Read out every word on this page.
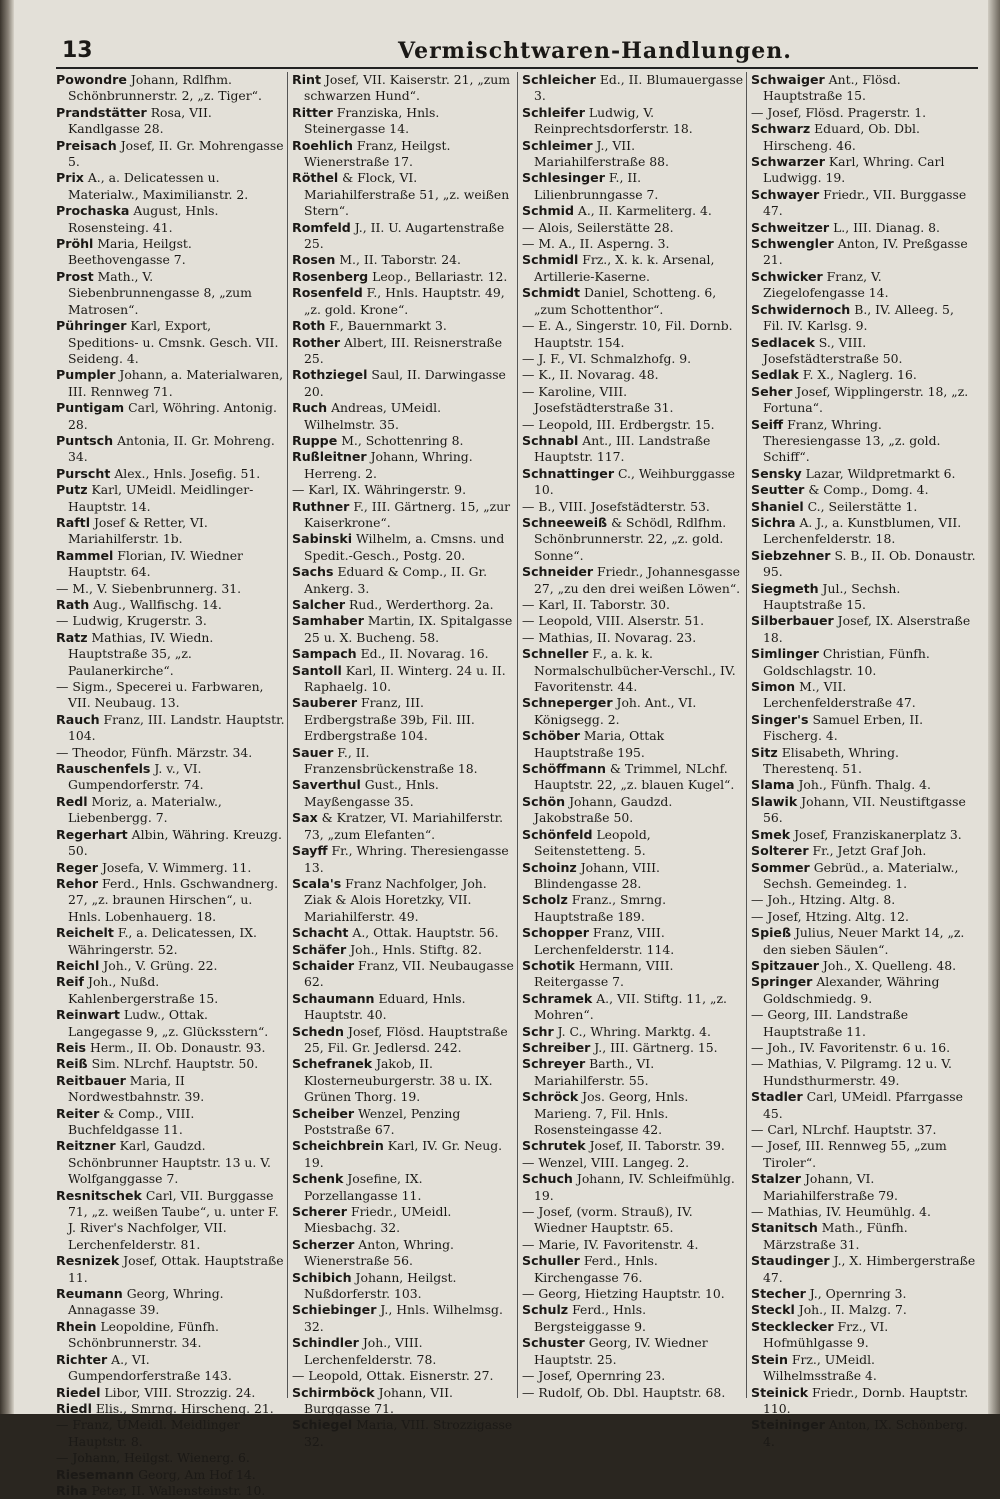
13	Vermischtwaren-Handlungen.

Powondre Johann, Rdlfhm. Schönbrunnerstr. 2, „z. Tiger“.

Prandstätter Rosa, VII. Kandlgasse 28.

Preisach Josef, II. Gr. Mohrengasse 5.

Prix A., a. Delicatessen u. Materialw., Maximilianstr. 2.

Prochaska August, Hnls. Rosensteing. 41.

Pröhl Maria, Heilgst. Beethovengasse 7.

Prost Math., V. Siebenbrunnengasse 8, „zum Matrosen“.

Pühringer Karl, Export, Speditions- u. Cmsnk. Gesch. VII. Seideng. 4.

Pumpler Johann, a. Materialwaren, III. Rennweg 71.

Puntigam Carl, Wöhring. Antonig. 28.

Puntsch Antonia, II. Gr. Mohreng. 34.

Purscht Alex., Hnls. Josefig. 51.

Putz Karl, UMeidl. Meidlinger-Hauptstr. 14.

Raftl Josef & Retter, VI. Mariahilferstr. 1b.

Rammel Florian, IV. Wiedner Hauptstr. 64.

— M., V. Siebenbrunnerg. 31.

Rath Aug., Wallfischg. 14.

— Ludwig, Krugerstr. 3.

Ratz Mathias, IV. Wiedn. Hauptstraße 35, „z. Paulanerkirche“.

— Sigm., Specerei u. Farbwaren, VII. Neubaug. 13.

Rauch Franz, III. Landstr. Hauptstr. 104.

— Theodor, Fünfh. Märzstr. 34.

Rauschenfels J. v., VI. Gumpendorferstr. 74.

Redl Moriz, a. Materialw., Liebenbergg. 7.

Regerhart Albin, Währing. Kreuzg. 50.

Reger Josefa, V. Wimmerg. 11.

Rehor Ferd., Hnls. Gschwandnerg. 27, „z. braunen Hirschen“, u. Hnls. Lobenhauerg. 18.

Reichelt F., a. Delicatessen, IX. Währingerstr. 52.

Reichl Joh., V. Grüng. 22.

Reif Joh., Nußd. Kahlenbergerstraße 15.

Reinwart Ludw., Ottak. Langegasse 9, „z. Glücksstern“.

Reis Herm., II. Ob. Donaustr. 93.

Reiß Sim. NLrchf. Hauptstr. 50.

Reitbauer Maria, II Nordwestbahnstr. 39.

Reiter & Comp., VIII. Buchfeldgasse 11.

Reitzner Karl, Gaudzd. Schönbrunner Hauptstr. 13 u. V. Wolfganggasse 7.

Resnitschek Carl, VII. Burggasse 71, „z. weißen Taube“, u. unter F. J. River's Nachfolger, VII. Lerchenfelderstr. 81.

Resnizek Josef, Ottak. Hauptstraße 11.

Reumann Georg, Whring. Annagasse 39.

Rhein Leopoldine, Fünfh. Schönbrunnerstr. 34.

Richter A., VI. Gumpendorferstraße 143.

Riedel Libor, VIII. Strozzig. 24.

Riedl Elis., Smrng. Hirschenq. 21.

— Franz, UMeidl. Meidlinger Hauptstr. 8.

— Johann, Heilgst. Wienerg. 6.

Riesemann Georg, Am Hof 14.

Riha Peter, II. Wallensteinstr. 10.

Rint Josef, VII. Kaiserstr. 21, „zum schwarzen Hund“.

Ritter Franziska, Hnls. Steinergasse 14.

Roehlich Franz, Heilgst. Wienerstraße 17.

Röthel & Flock, VI. Mariahilferstraße 51, „z. weißen Stern“.

Romfeld J., II. U. Augartenstraße 25.

Rosen M., II. Taborstr. 24.

Rosenberg Leop., Bellariastr. 12.

Rosenfeld F., Hnls. Hauptstr. 49, „z. gold. Krone“.

Roth F., Bauernmarkt 3.

Rother Albert, III. Reisnerstraße 25.

Rothziegel Saul, II. Darwingasse 20.

Ruch Andreas, UMeidl. Wilhelmstr. 35.

Ruppe M., Schottenring 8.

Rußleitner Johann, Whring. Herreng. 2.

— Karl, IX. Währingerstr. 9.

Ruthner F., III. Gärtnerg. 15, „zur Kaiserkrone“.

Sabinski Wilhelm, a. Cmsns. und Spedit.-Gesch., Postg. 20.

Sachs Eduard & Comp., II. Gr. Ankerg. 3.

Salcher Rud., Werderthorg. 2a.

Samhaber Martin, IX. Spitalgasse 25 u. X. Bucheng. 58.

Sampach Ed., II. Novarag. 16.

Santoll Karl, II. Winterg. 24 u. II. Raphaelg. 10.

Sauberer Franz, III. Erdbergstraße 39b, Fil. III. Erdbergstraße 104.

Sauer F., II. Franzensbrückenstraße 18.

Saverthul Gust., Hnls. Mayßengasse 35.

Sax & Kratzer, VI. Mariahilferstr. 73, „zum Elefanten“.

Sayff Fr., Whring. Theresiengasse 13.

Scala's Franz Nachfolger, Joh. Ziak & Alois Horetzky, VII. Mariahilferstr. 49.

Schacht A., Ottak. Hauptstr. 56.

Schäfer Joh., Hnls. Stiftg. 82.

Schaider Franz, VII. Neubaugasse 62.

Schaumann Eduard, Hnls. Hauptstr. 40.

Schedn Josef, Flösd. Hauptstraße 25, Fil. Gr. Jedlersd. 242.

Schefranek Jakob, II. Klosterneuburgerstr. 38 u. IX. Grünen Thorg. 19.

Scheiber Wenzel, Penzing Poststraße 67.

Scheichbrein Karl, IV. Gr. Neug. 19.

Schenk Josefine, IX. Porzellangasse 11.

Scherer Friedr., UMeidl. Miesbachg. 32.

Scherzer Anton, Whring. Wienerstraße 56.

Schibich Johann, Heilgst. Nußdorferstr. 103.

Schiebinger J., Hnls. Wilhelmsg. 32.

Schindler Joh., VIII. Lerchenfelderstr. 78.

— Leopold, Ottak. Eisnerstr. 27.

Schirmböck Johann, VII. Burggasse 71.

Schiegel Maria, VIII. Strozzigasse 32.

Schleicher Ed., II. Blumauergasse 3.

Schleifer Ludwig, V. Reinprechtsdorferstr. 18.

Schleimer J., VII. Mariahilferstraße 88.

Schlesinger F., II. Lilienbrunngasse 7.

Schmid A., II. Karmeliterg. 4.

— Alois, Seilerstätte 28.

— M. A., II. Asperng. 3.

Schmidl Frz., X. k. k. Arsenal, Artillerie-Kaserne.

Schmidt Daniel, Schotteng. 6, „zum Schottenthor“.

— E. A., Singerstr. 10, Fil. Dornb. Hauptstr. 154.

— J. F., VI. Schmalzhofg. 9.

— K., II. Novarag. 48.

— Karoline, VIII. Josefstädterstraße 31.

— Leopold, III. Erdbergstr. 15.

Schnabl Ant., III. Landstraße Hauptstr. 117.

Schnattinger C., Weihburggasse 10.

— B., VIII. Josefstädterstr. 53.

Schneeweiß & Schödl, Rdlfhm. Schönbrunnerstr. 22, „z. gold. Sonne“.

Schneider Friedr., Johannesgasse 27, „zu den drei weißen Löwen“.

— Karl, II. Taborstr. 30.

— Leopold, VIII. Alserstr. 51.

— Mathias, II. Novarag. 23.

Schneller F., a. k. k. Normalschulbücher-Verschl., IV. Favoritenstr. 44.

Schneperger Joh. Ant., VI. Königsegg. 2.

Schöber Maria, Ottak Hauptstraße 195.

Schöffmann & Trimmel, NLchf. Hauptstr. 22, „z. blauen Kugel“.

Schön Johann, Gaudzd. Jakobstraße 50.

Schönfeld Leopold, Seitenstetteng. 5.

Schoinz Johann, VIII. Blindengasse 28.

Scholz Franz., Smrng. Hauptstraße 189.

Schopper Franz, VIII. Lerchenfelderstr. 114.

Schotik Hermann, VIII. Reitergasse 7.

Schramek A., VII. Stiftg. 11, „z. Mohren“.

Schr J. C., Whring. Marktg. 4.

Schreiber J., III. Gärtnerg. 15.

Schreyer Barth., VI. Mariahilferstr. 55.

Schröck Jos. Georg, Hnls. Marieng. 7, Fil. Hnls. Rosensteingasse 42.

Schrutek Josef, II. Taborstr. 39.

— Wenzel, VIII. Langeg. 2.

Schuch Johann, IV. Schleifmühlg. 19.

— Josef, (vorm. Strauß), IV. Wiedner Hauptstr. 65.

— Marie, IV. Favoritenstr. 4.

Schuller Ferd., Hnls. Kirchengasse 76.

— Georg, Hietzing Hauptstr. 10.

Schulz Ferd., Hnls. Bergsteiggasse 9.

Schuster Georg, IV. Wiedner Hauptstr. 25.

— Josef, Opernring 23.

— Rudolf, Ob. Dbl. Hauptstr. 68.

Schwaiger Ant., Flösd. Hauptstraße 15.

— Josef, Flösd. Pragerstr. 1.

Schwarz Eduard, Ob. Dbl. Hirscheng. 46.

Schwarzer Karl, Whring. Carl Ludwigg. 19.

Schwayer Friedr., VII. Burggasse 47.

Schweitzer L., III. Dianag. 8.

Schwengler Anton, IV. Preßgasse 21.

Schwicker Franz, V. Ziegelofengasse 14.

Schwidernoch B., IV. Alleeg. 5, Fil. IV. Karlsg. 9.

Sedlacek S., VIII. Josefstädterstraße 50.

Sedlak F. X., Naglerg. 16.

Seher Josef, Wipplingerstr. 18, „z. Fortuna“.

Seiff Franz, Whring. Theresiengasse 13, „z. gold. Schiff“.

Sensky Lazar, Wildpretmarkt 6.

Seutter & Comp., Domg. 4.

Shaniel C., Seilerstätte 1.

Sichra A. J., a. Kunstblumen, VII. Lerchenfelderstr. 18.

Siebzehner S. B., II. Ob. Donaustr. 95.

Siegmeth Jul., Sechsh. Hauptstraße 15.

Silberbauer Josef, IX. Alserstraße 18.

Simlinger Christian, Fünfh. Goldschlagstr. 10.

Simon M., VII. Lerchenfelderstraße 47.

Singer's Samuel Erben, II. Fischerg. 4.

Sitz Elisabeth, Whring. Therestenq. 51.

Slama Joh., Fünfh. Thalg. 4.

Slawik Johann, VII. Neustiftgasse 56.

Smek Josef, Franziskanerplatz 3.

Solterer Fr., Jetzt Graf Joh.

Sommer Gebrüd., a. Materialw., Sechsh. Gemeindeg. 1.

— Joh., Htzing. Altg. 8.

— Josef, Htzing. Altg. 12.

Spieß Julius, Neuer Markt 14, „z. den sieben Säulen“.

Spitzauer Joh., X. Quelleng. 48.

Springer Alexander, Währing Goldschmiedg. 9.

— Georg, III. Landstraße Hauptstraße 11.

— Joh., IV. Favoritenstr. 6 u. 16.

— Mathias, V. Pilgramg. 12 u. V. Hundsthurmerstr. 49.

Stadler Carl, UMeidl. Pfarrgasse 45.

— Carl, NLrchf. Hauptstr. 37.

— Josef, III. Rennweg 55, „zum Tiroler“.

Stalzer Johann, VI. Mariahilferstraße 79.

— Mathias, IV. Heumühlg. 4.

Stanitsch Math., Fünfh. Märzstraße 31.

Staudinger J., X. Himbergerstraße 47.

Stecher J., Opernring 3.

Steckl Joh., II. Malzg. 7.

Stecklecker Frz., VI. Hofmühlgasse 9.

Stein Frz., UMeidl. Wilhelmsstraße 4.

Steinick Friedr., Dornb. Hauptstr. 110.

Steininger Anton, IX. Schönberg. 4.
